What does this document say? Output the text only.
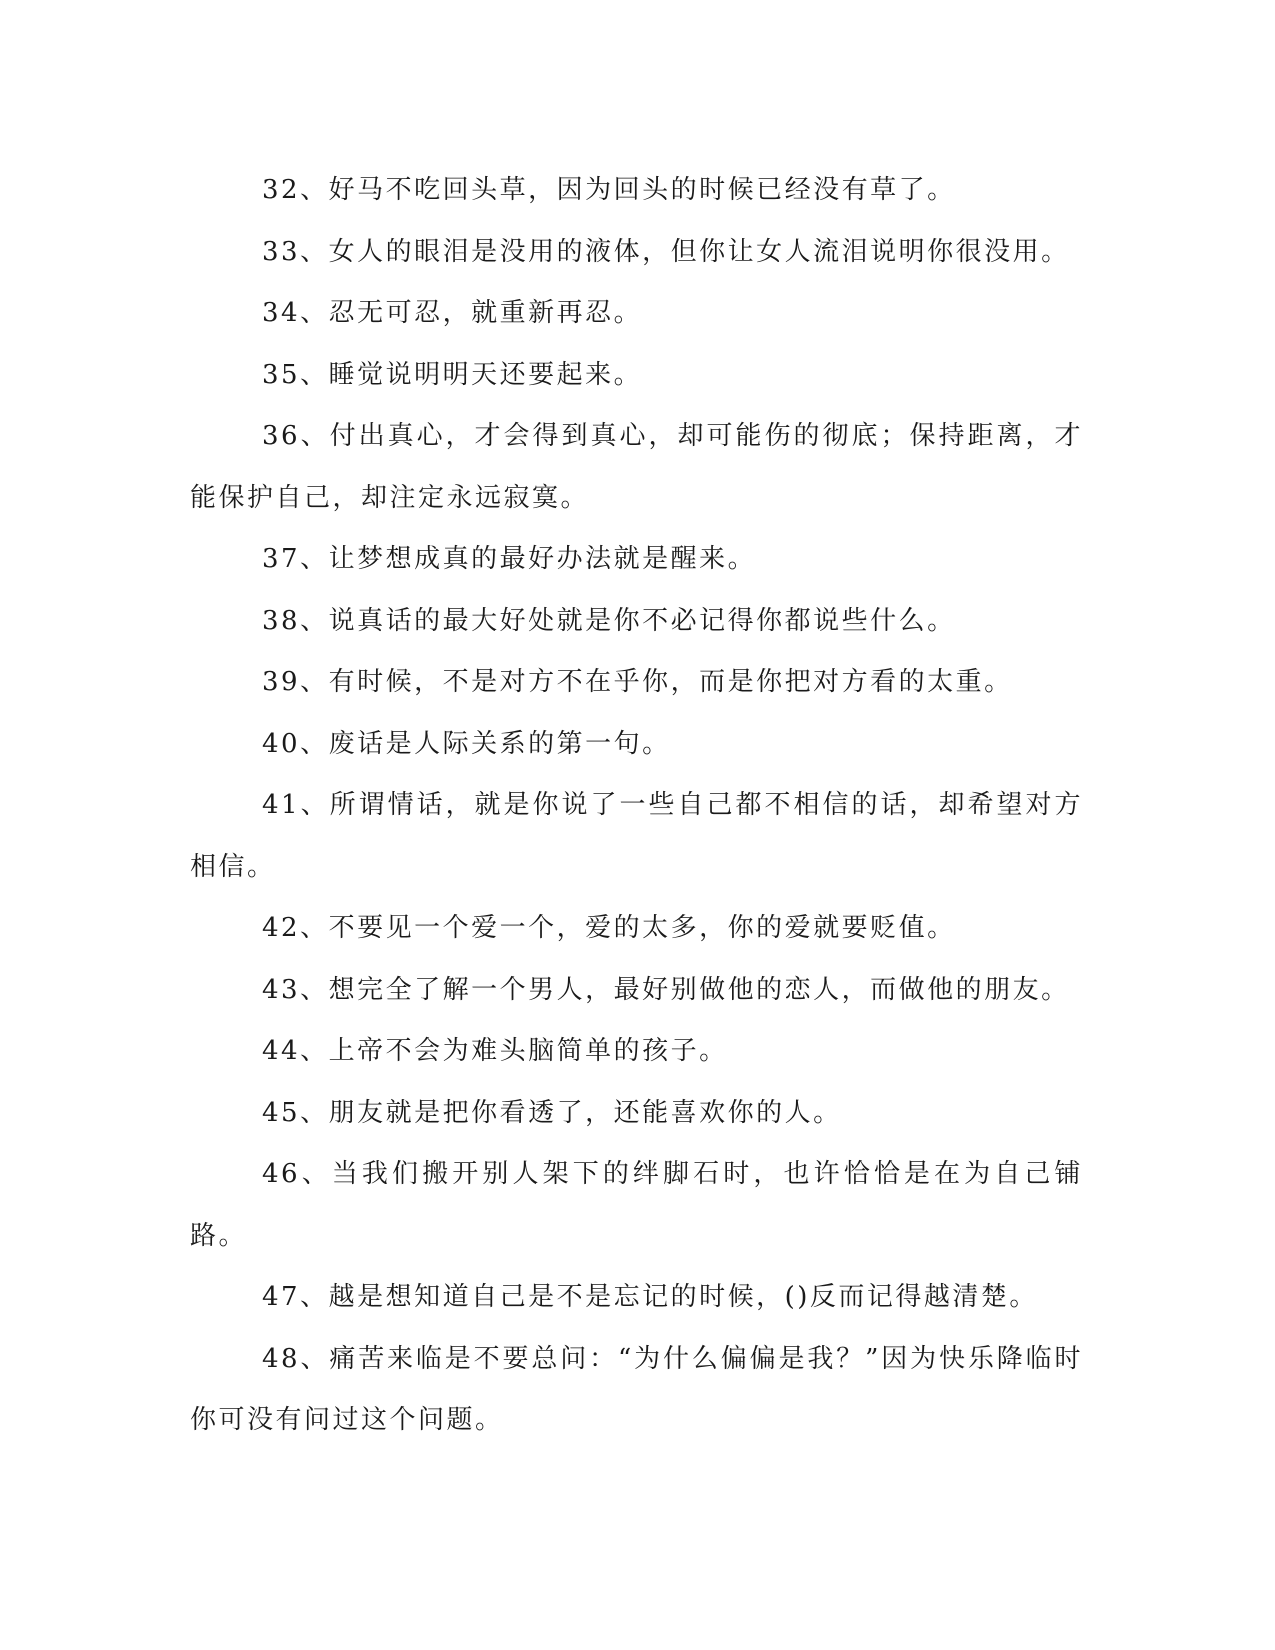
32、好马不吃回头草，因为回头的时候已经没有草了。

33、女人的眼泪是没用的液体，但你让女人流泪说明你很没用。

34、忍无可忍，就重新再忍。

35、睡觉说明明天还要起来。

36、付出真心，才会得到真心，却可能伤的彻底；保持距离，才能保护自己，却注定永远寂寞。

37、让梦想成真的最好办法就是醒来。

38、说真话的最大好处就是你不必记得你都说些什么。

39、有时候，不是对方不在乎你，而是你把对方看的太重。

40、废话是人际关系的第一句。

41、所谓情话，就是你说了一些自己都不相信的话，却希望对方相信。

42、不要见一个爱一个，爱的太多，你的爱就要贬值。

43、想完全了解一个男人，最好别做他的恋人，而做他的朋友。

44、上帝不会为难头脑简单的孩子。

45、朋友就是把你看透了，还能喜欢你的人。

46、当我们搬开别人架下的绊脚石时，也许恰恰是在为自己铺路。

47、越是想知道自己是不是忘记的时候，()反而记得越清楚。

48、痛苦来临是不要总问：“为什么偏偏是我？”因为快乐降临时你可没有问过这个问题。
